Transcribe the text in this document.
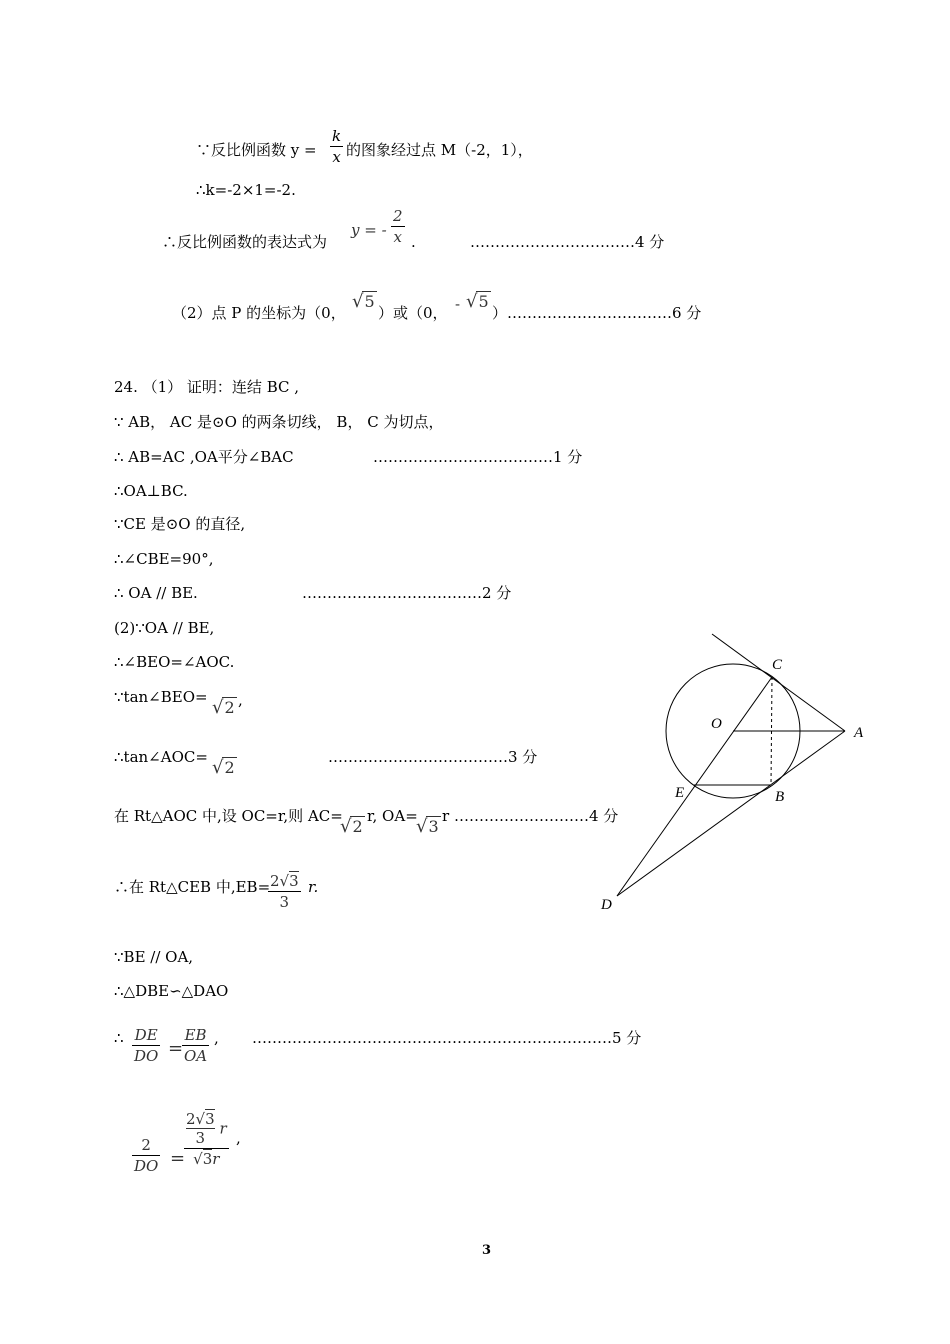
∵反比例函数 y =
k
x 的图象经过点 M（-2，1），
∴k=-2×1=-2.
∴反比例函数的表达式为
y = -
2
x .	……………………………4 分
（2）点 P 的坐标为（0，
√5
）或（0， - √5
）……………………………6 分
24. （1） 证明：连结 BC ,
∵ AB， AC 是⊙O 的两条切线， B， C 为切点，
∴ AB=AC ,OA平分∠BAC	………………………………1 分
∴OA⊥BC.
∵CE 是⊙O 的直径,
∴∠CBE=90°,
∴ OA // BE.	………………………………2 分
(2)∵OA // BE,
∴∠BEO=∠AOC.
∵tan∠BEO= √2 ,
∴tan∠AOC= √2
………………………………3 分
在 Rt△AOC 中,设 OC=r,则 AC=
√2
r, OA=
√3
r ………………………4 分
∴在 Rt△CEB 中,EB= 2√3
3
r.
∵BE // OA,
∴△DBE∽△DAO
∴ DE
DO =
EB
OA
, ………………………………………………………………5 分
2
DO =
$\frac{2√3}{3}$ r
√3r
,
C
O
A
E	B
D
3
